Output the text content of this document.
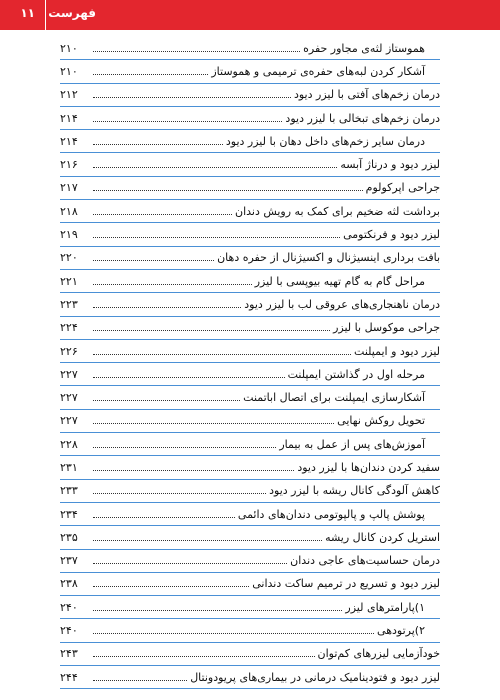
فهرست
۱۱
هموستاز لثه‌ی مجاور حفره
۲۱۰
آشکار کردن لبه‌های حفره‌ی ترمیمی و هموستاز
۲۱۰
درمان زخم‌های آفتی با لیزر دیود
۲۱۲
درمان زخم‌های تبخالی با لیزر دیود
۲۱۴
درمان سایر زخم‌های داخل دهان با لیزر دیود
۲۱۴
لیزر دیود و درناژ آبسه
۲۱۶
جراحی اپرکولوم
۲۱۷
برداشت لثه ضخیم برای کمک به رویش دندان
۲۱۸
لیزر دیود و فرنکتومی
۲۱۹
بافت برداری اینسیژنال و اکسیژنال از حفره دهان
۲۲۰
مراحل گام به گام تهیه بیوپسی با لیزر
۲۲۱
درمان ناهنجاری‌های عروقی لب با لیزر دیود
۲۲۳
جراحی موکوسل با لیزر
۲۲۴
لیزر دیود و ایمپلنت
۲۲۶
مرحله اول در گذاشتن ایمپلنت
۲۲۷
آشکارسازی ایمپلنت برای اتصال اباتمنت
۲۲۷
تحویل روکش نهایی
۲۲۷
آموزش‌های پس از عمل به بیمار
۲۲۸
سفید کردن دندان‌ها با لیزر دیود
۲۳۱
کاهش آلودگی کانال ریشه با لیزر دیود
۲۳۳
پوشش پالپ و پالپوتومی دندان‌های دائمی
۲۳۴
استریل کردن کانال ریشه
۲۳۵
درمان حساسیت‌های عاجی دندان
۲۳۷
لیزر دیود و تسریع در ترمیم ساکت دندانی
۲۳۸
۱)پارامترهای لیزر
۲۴۰
۲)پرتودهی
۲۴۰
خودآزمایی لیزرهای کم‌توان
۲۴۳
لیزر دیود و فتودینامیک درمانی در بیماری‌های پریودونتال
۲۴۴
